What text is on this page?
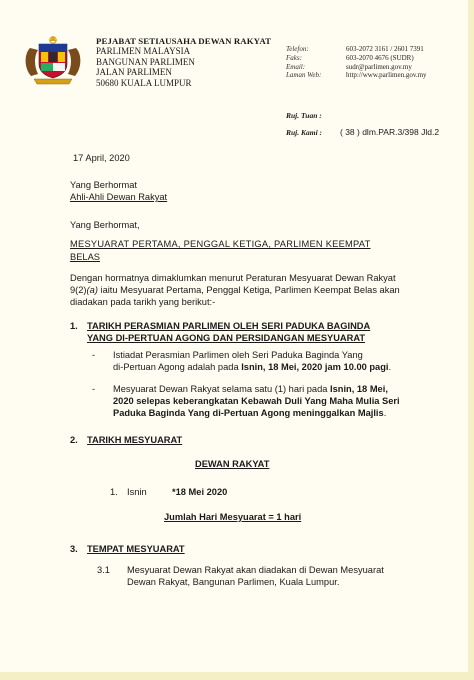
PEJABAT SETIAUSAHA DEWAN RAKYAT
PARLIMEN MALAYSIA
BANGUNAN PARLIMEN
JALAN PARLIMEN
50680 KUALA LUMPUR
Telefon:
Faks:
Email:
Laman Web:
603-2072 3161 / 2601 7391
603-2070 4676 (SUDR)
sudr@parlimen.gov.my
http://www.parlimen.gov.my
Ruj. Tuan :
Ruj. Kami : ( 38 ) dlm.PAR.3/398 Jld.2
17 April, 2020
Yang Berhormat
Ahli-Ahli Dewan Rakyat
Yang Berhormat,
MESYUARAT PERTAMA, PENGGAL KETIGA, PARLIMEN KEEMPAT
BELAS
Dengan hormatnya dimaklumkan menurut Peraturan Mesyuarat Dewan Rakyat
9(2)(a) iaitu Mesyuarat Pertama, Penggal Ketiga, Parlimen Keempat Belas akan
diadakan pada tarikh yang berikut:-
1. TARIKH PERASMIAN PARLIMEN OLEH SERI PADUKA BAGINDA
YANG DI-PERTUAN AGONG DAN PERSIDANGAN MESYUARAT
- Istiadat Perasmian Parlimen oleh Seri Paduka Baginda Yang
di-Pertuan Agong adalah pada Isnin, 18 Mei, 2020 jam 10.00 pagi.
- Mesyuarat Dewan Rakyat selama satu (1) hari pada Isnin, 18 Mei,
2020 selepas keberangkatan Kebawah Duli Yang Maha Mulia Seri
Paduka Baginda Yang di-Pertuan Agong meninggalkan Majlis.
2. TARIKH MESYUARAT
DEWAN RAKYAT
1. Isnin	*18 Mei 2020
Jumlah Hari Mesyuarat = 1 hari
3. TEMPAT MESYUARAT
3.1 Mesyuarat Dewan Rakyat akan diadakan di Dewan Mesyuarat
Dewan Rakyat, Bangunan Parlimen, Kuala Lumpur.
